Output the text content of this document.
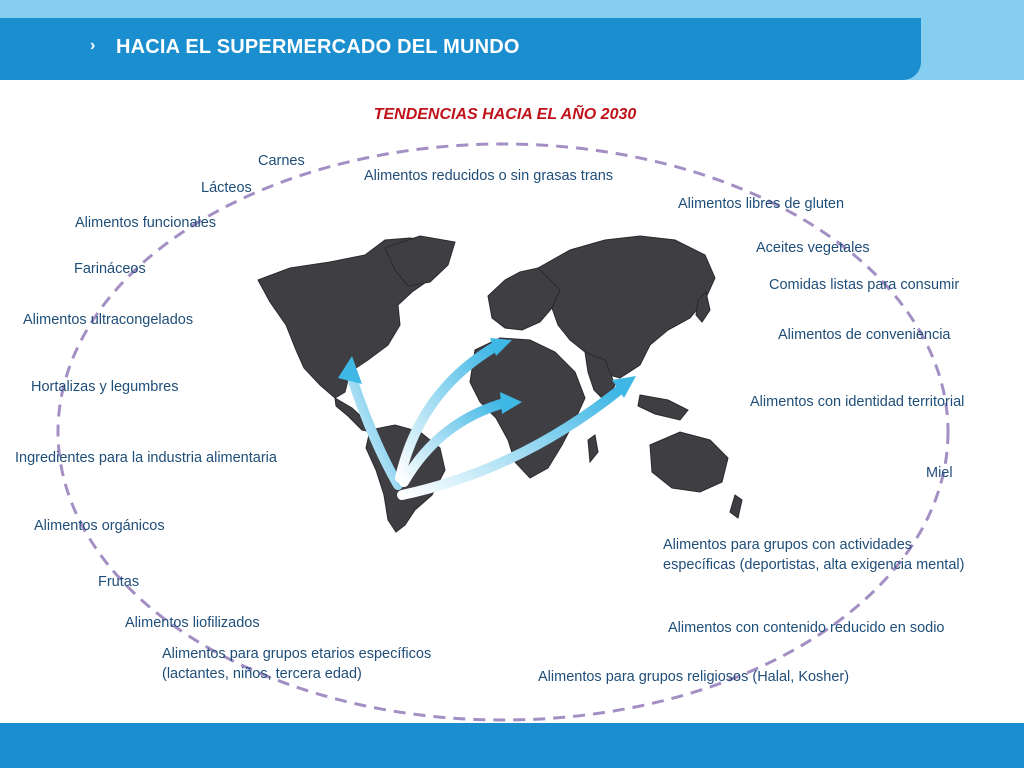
› HACIA EL SUPERMERCADO DEL MUNDO
TENDENCIAS HACIA EL AÑO 2030
Carnes
Lácteos
Alimentos reducidos o sin grasas trans
Alimentos funcionales
Alimentos libres de gluten
Aceites vegetales
Farináceos
Comidas listas para consumir
Alimentos ultracongelados
Alimentos de conveniencia
Hortalizas y legumbres
Alimentos con identidad territorial
Ingredientes para la industria alimentaria
Miel
Alimentos orgánicos
Alimentos para grupos con actividades
específicas (deportistas, alta exigencia mental)
Frutas
Alimentos liofilizados	Alimentos con contenido reducido en sodio
Alimentos para grupos etarios específicos
(lactantes, niños, tercera edad)	Alimentos para grupos religiosos (Halal, Kosher)
